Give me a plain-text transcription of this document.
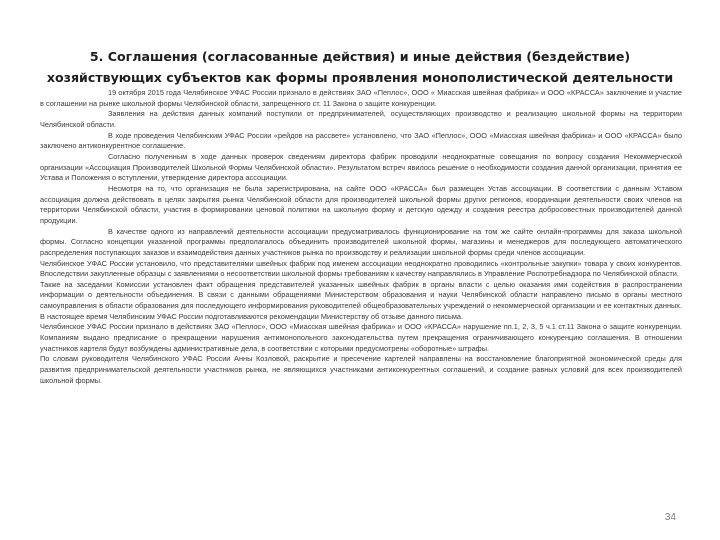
5. Соглашения (согласованные действия) и иные действия (бездействие) хозяйствующих субъектов как формы проявления монополистической деятельности

19 октября 2015 года Челябинское УФАС России признало в действиях ЗАО «Пеплос», ООО « Миасская швейная фабрика» и ООО «КРАССА» заключение и участие в соглашении на рынке школьной формы Челябинской области, запрещенного ст. 11 Закона о защите конкуренции.

Заявления на действия данных компаний поступили от предпринимателей, осуществляющих производство и реализацию школьной формы на территории Челябинской области.

В ходе проведения Челябинским УФАС России «рейдов на рассвете» установлено, что ЗАО «Пеплос», ООО «Миасская швейная фабрика» и ООО «КРАССА» было заключено антиконкурентное соглашение.

Согласно полученным в ходе данных проверок сведениям директора фабрик проводили неоднократные совещания по вопросу создания Некоммерческой организации «Ассоциация Производителей Школьной Формы Челябинской области». Результатом встреч явилось решение о необходимости создания данной организации, принятия ее Устава и Положения о вступлении, утверждение директора ассоциации.

Несмотря на то, что организация не была зарегистрирована, на сайте ООО «КРАССА» был размещен Устав ассоциации. В соответствии с данным Уставом ассоциация должна действовать в целях закрытия рынка Челябинской области для производителей школьной формы других регионов, координации деятельности своих членов на территории Челябинской области, участия в формировании ценовой политики на школьную форму и детскую одежду и создания реестра добросовестных производителей данной продукции.

В качестве одного из направлений деятельности ассоциации предусматривалось функционирование на том же сайте онлайн-программы для заказа школьной формы. Согласно концепции указанной программы предполагалось объединить производителей школьной формы, магазины и менеджеров для последующего автоматического распределения поступающих заказов и взаимодействия данных участников рынка по производству и реализации школьной формы среди членов ассоциации.

Челябинское УФАС России установило, что представителями швейных фабрик под именем ассоциации неоднократно проводились «контрольные закупки» товара у своих конкурентов. Впоследствии закупленные образцы с заявлениями о несоответствии школьной формы требованиям к качеству направлялись в Управление Роспотребнадзора по Челябинской области.

Также на заседании Комиссии установлен факт обращения представителей указанных швейных фабрик в органы власти с целью оказания ими содействия в распространении информации о деятельности объединения. В связи с данными обращениями Министерством образования и науки Челябинской области направлено письмо в органы местного самоуправления в области образования для последующего информирования руководителей общеобразовательных учреждений о некоммерческой организации и ее контактных данных. В настоящее время Челябинским УФАС России подготавливаются рекомендации Министерству об отзыве данного письма.

Челябинское УФАС России признало в действиях ЗАО «Пеплос», ООО «Миасская швейная фабрика» и ООО «КРАССА» нарушение пп.1, 2, 3, 5 ч.1 ст.11 Закона о защите конкуренции. Компаниям выдано предписание о прекращении нарушения антимонопольного законодательства путем прекращения ограничивающего конкуренцию соглашения. В отношении участников картеля будут возбуждены административные дела, в соответствии с которыми предусмотрены «оборотные» штрафы.

По словам руководителя Челябинского УФАС России Анны Козловой, раскрытие и пресечение картелей направлены на восстановление благоприятной экономической среды для развития предпринимательской деятельности участников рынка, не являющихся участниками антиконкурентных соглашений, и создание равных условий для всех производителей школьной формы.

34
